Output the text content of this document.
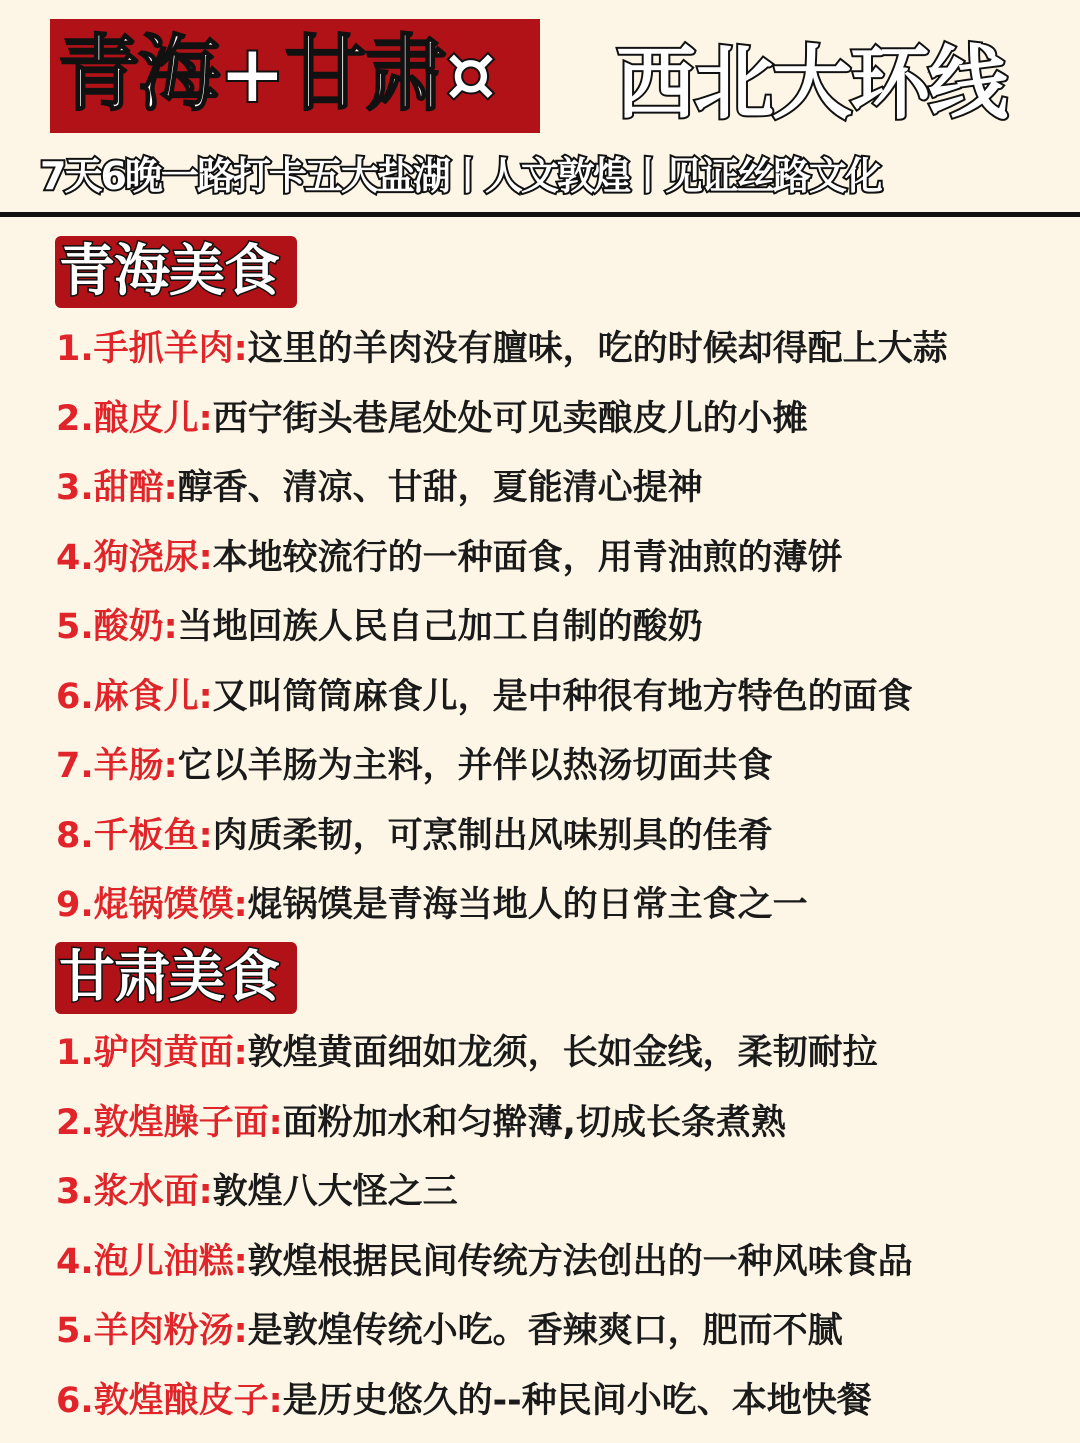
青海+甘肃¤ 西北大环线
7天6晚一路打卡五大盐湖丨人文敦煌丨见证丝路文化
青海美食
1.手抓羊肉:这里的羊肉没有膻味，吃的时候却得配上大蒜
2.酿皮儿:西宁街头巷尾处处可见卖酿皮儿的小摊
3.甜醅:醇香、清凉、甘甜，夏能清心提神
4.狗浇尿:本地较流行的一种面食，用青油煎的薄饼
5.酸奶:当地回族人民自己加工自制的酸奶
6.麻食儿:又叫筒筒麻食儿，是中种很有地方特色的面食
7.羊肠:它以羊肠为主料，并伴以热汤切面共食
8.千板鱼:肉质柔韧，可烹制出风味别具的佳肴
9.焜锅馍馍:焜锅馍是青海当地人的日常主食之一
甘肃美食
1.驴肉黄面:敦煌黄面细如龙须，长如金线，柔韧耐拉
2.敦煌臊子面:面粉加水和匀擀薄,切成长条煮熟
3.浆水面:敦煌八大怪之三
4.泡儿油糕:敦煌根据民间传统方法创出的一种风味食品
5.羊肉粉汤:是敦煌传统小吃。香辣爽口，肥而不腻
6.敦煌酿皮子:是历史悠久的--种民间小吃、本地快餐
